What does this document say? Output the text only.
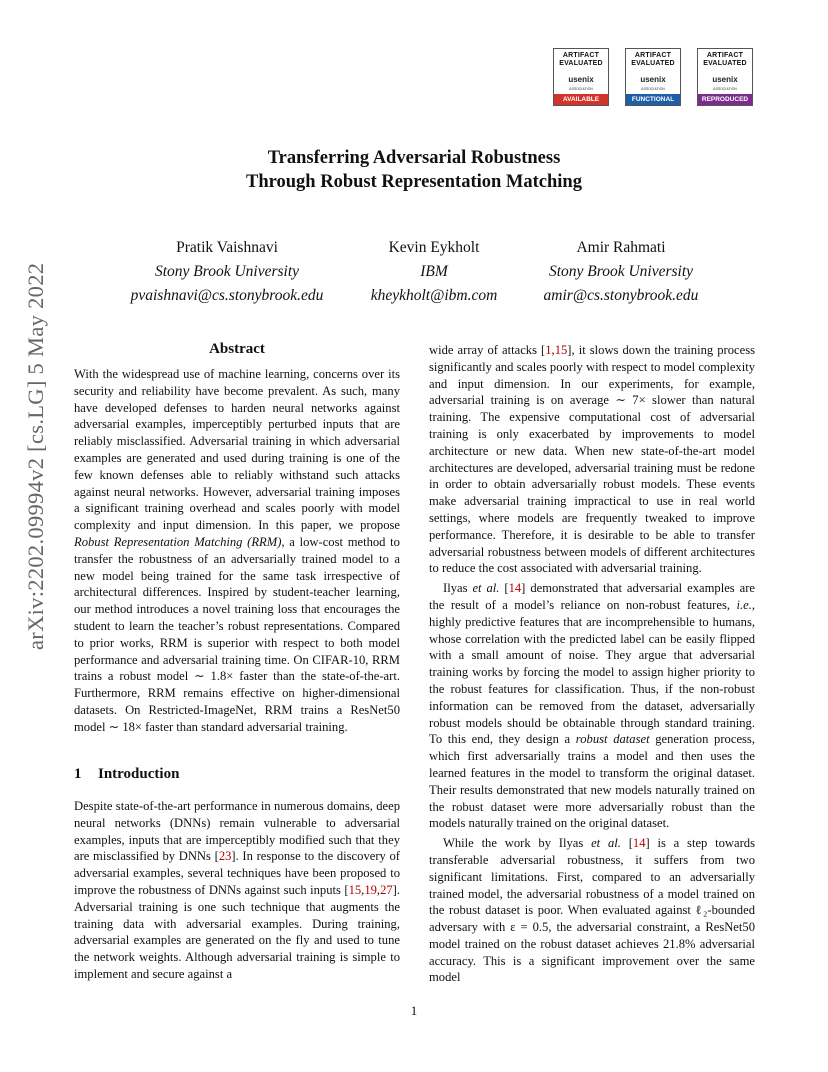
ARTIFACT
EVALUATED
usenix
ASSOCIATION
AVAILABLE
ARTIFACT
EVALUATED
usenix
ASSOCIATION
FUNCTIONAL
ARTIFACT
EVALUATED
usenix
ASSOCIATION
REPRODUCED
Transferring Adversarial Robustness
Through Robust Representation Matching
Pratik Vaishnavi
Stony Brook University
pvaishnavi@cs.stonybrook.edu
Kevin Eykholt
IBM
kheykholt@ibm.com
Amir Rahmati
Stony Brook University
amir@cs.stonybrook.edu
arXiv:2202.09994v2 [cs.LG] 5 May 2022	Abstract

With the widespread use of machine learning, concerns over its security and reliability have become prevalent. As such, many have developed defenses to harden neural networks against adversarial examples, imperceptibly perturbed inputs that are reliably misclassified. Adversarial training in which adversarial examples are generated and used during training is one of the few known defenses able to reliably withstand such attacks against neural networks. However, adversarial training imposes a significant training overhead and scales poorly with model complexity and input dimension. In this paper, we propose Robust Representation Matching (RRM), a low-cost method to transfer the robustness of an adversarially trained model to a new model being trained for the same task irrespective of architectural differences. Inspired by student-teacher learning, our method introduces a novel training loss that encourages the student to learn the teacher’s robust representations. Compared to prior works, RRM is superior with respect to both model performance and adversarial training time. On CIFAR-10, RRM trains a robust model ∼ 1.8× faster than the state-of-the-art. Furthermore, RRM remains effective on higher-dimensional datasets. On Restricted-ImageNet, RRM trains a ResNet50 model ∼ 18× faster than standard adversarial training.

1 Introduction

Despite state-of-the-art performance in numerous domains, deep neural networks (DNNs) remain vulnerable to adversarial examples, inputs that are imperceptibly modified such that they are misclassified by DNNs [23]. In response to the discovery of adversarial examples, several techniques have been proposed to improve the robustness of DNNs against such inputs [15,19,27]. Adversarial training is one such technique that augments the training data with adversarial examples. During training, adversarial examples are generated on the fly and used to tune the network weights. Although adversarial training is simple to implement and secure against a

wide array of attacks [1,15], it slows down the training process significantly and scales poorly with respect to model complexity and input dimension. In our experiments, for example, adversarial training is on average ∼ 7× slower than natural training. The expensive computational cost of adversarial training is only exacerbated by improvements to model architecture or new data. When new state-of-the-art model architectures are developed, adversarial training must be redone in order to obtain adversarially robust models. These events make adversarial training impractical to use in real world settings, where models are frequently tweaked to improve performance. Therefore, it is desirable to be able to transfer adversarial robustness between models of different architectures to reduce the cost associated with adversarial training.

Ilyas et al. [14] demonstrated that adversarial examples are the result of a model’s reliance on non-robust features, i.e., highly predictive features that are incomprehensible to humans, whose correlation with the predicted label can be easily flipped with a small amount of noise. They argue that adversarial training works by forcing the model to assign higher priority to the robust features for classification. Thus, if the non-robust information can be removed from the dataset, adversarially robust models should be obtainable through standard training. To this end, they design a robust dataset generation process, which first adversarially trains a model and then uses the learned features in the model to transform the original dataset. Their results demonstrated that new models naturally trained on the robust dataset were more adversarially robust than the models naturally trained on the original dataset.

While the work by Ilyas et al. [14] is a step towards transferable adversarial robustness, it suffers from two significant limitations. First, compared to an adversarially trained model, the adversarial robustness of a model trained on the robust dataset is poor. When evaluated against ℓ₂-bounded adversary with ε = 0.5, the adversarial constraint, a ResNet50 model trained on the robust dataset achieves 21.8% adversarial accuracy. This is a significant improvement over the same model

1
